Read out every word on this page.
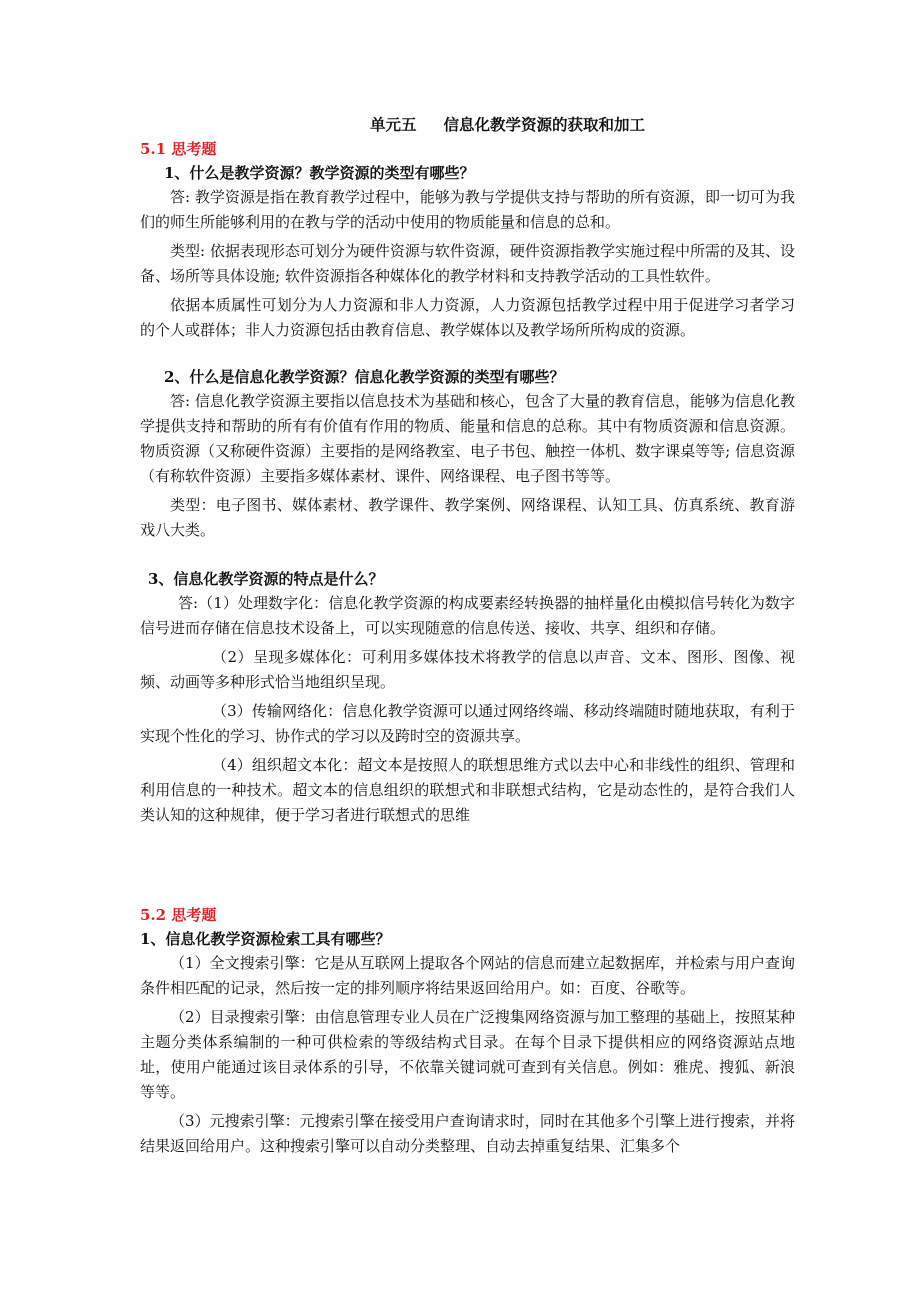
单元五     信息化教学资源的获取和加工
5.1 思考题
1、什么是教学资源？教学资源的类型有哪些？

答: 教学资源是指在教育教学过程中，能够为教与学提供支持与帮助的所有资源，即一切可为我们的师生所能够利用的在教与学的活动中使用的物质能量和信息的总和。

类型: 依据表现形态可划分为硬件资源与软件资源，硬件资源指教学实施过程中所需的及其、设备、场所等具体设施; 软件资源指各种媒体化的教学材料和支持教学活动的工具性软件。

依据本质属性可划分为人力资源和非人力资源，人力资源包括教学过程中用于促进学习者学习的个人或群体；非人力资源包括由教育信息、教学媒体以及教学场所所构成的资源。

2、什么是信息化教学资源？信息化教学资源的类型有哪些？

答: 信息化教学资源主要指以信息技术为基础和核心，包含了大量的教育信息，能够为信息化教学提供支持和帮助的所有有价值有作用的物质、能量和信息的总称。其中有物质资源和信息资源。物质资源（又称硬件资源）主要指的是网络教室、电子书包、触控一体机、数字课桌等等; 信息资源（有称软件资源）主要指多媒体素材、课件、网络课程、电子图书等等。

类型：电子图书、媒体素材、教学课件、教学案例、网络课程、认知工具、仿真系统、教育游戏八大类。

3、信息化教学资源的特点是什么？

答:（1）处理数字化：信息化教学资源的构成要素经转换器的抽样量化由模拟信号转化为数字信号进而存储在信息技术设备上，可以实现随意的信息传送、接收、共享、组织和存储。

（2）呈现多媒体化：可利用多媒体技术将教学的信息以声音、文本、图形、图像、视频、动画等多种形式恰当地组织呈现。

（3）传输网络化：信息化教学资源可以通过网络终端、移动终端随时随地获取，有利于实现个性化的学习、协作式的学习以及跨时空的资源共享。

（4）组织超文本化：超文本是按照人的联想思维方式以去中心和非线性的组织、管理和利用信息的一种技术。超文本的信息组织的联想式和非联想式结构，它是动态性的，是符合我们人类认知的这种规律，便于学习者进行联想式的思维

5.2 思考题
1、信息化教学资源检索工具有哪些？

（1）全文搜索引擎：它是从互联网上提取各个网站的信息而建立起数据库，并检索与用户查询条件相匹配的记录，然后按一定的排列顺序将结果返回给用户。如：百度、谷歌等。

（2）目录搜索引擎：由信息管理专业人员在广泛搜集网络资源与加工整理的基础上，按照某种主题分类体系编制的一种可供检索的等级结构式目录。在每个目录下提供相应的网络资源站点地址，使用户能通过该目录体系的引导，不依靠关键词就可查到有关信息。例如：雅虎、搜狐、新浪等等。

（3）元搜索引擎：元搜索引擎在接受用户查询请求时，同时在其他多个引擎上进行搜索，并将结果返回给用户。这种搜索引擎可以自动分类整理、自动去掉重复结果、汇集多个
